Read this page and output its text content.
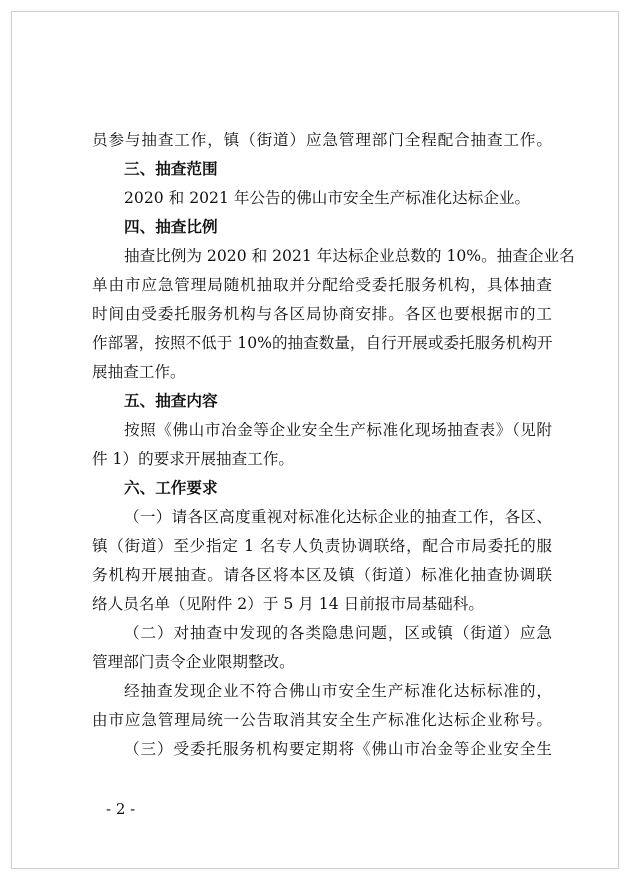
员参与抽查工作，镇（街道）应急管理部门全程配合抽查工作。
三、抽查范围
2020 和 2021 年公告的佛山市安全生产标准化达标企业。
四、抽查比例
抽查比例为 2020 和 2021 年达标企业总数的 10%。抽查企业名
单由市应急管理局随机抽取并分配给受委托服务机构，具体抽查
时间由受委托服务机构与各区局协商安排。各区也要根据市的工
作部署，按照不低于 10%的抽查数量，自行开展或委托服务机构开
展抽查工作。
五、抽查内容
按照《佛山市冶金等企业安全生产标准化现场抽查表》（见附
件 1）的要求开展抽查工作。
六、工作要求
（一）请各区高度重视对标准化达标企业的抽查工作，各区、
镇（街道）至少指定 1 名专人负责协调联络，配合市局委托的服
务机构开展抽查。请各区将本区及镇（街道）标准化抽查协调联
络人员名单（见附件 2）于 5 月 14 日前报市局基础科。
（二）对抽查中发现的各类隐患问题，区或镇（街道）应急
管理部门责令企业限期整改。
经抽查发现企业不符合佛山市安全生产标准化达标标准的，
由市应急管理局统一公告取消其安全生产标准化达标企业称号。
（三）受委托服务机构要定期将《佛山市冶金等企业安全生
- 2 -
